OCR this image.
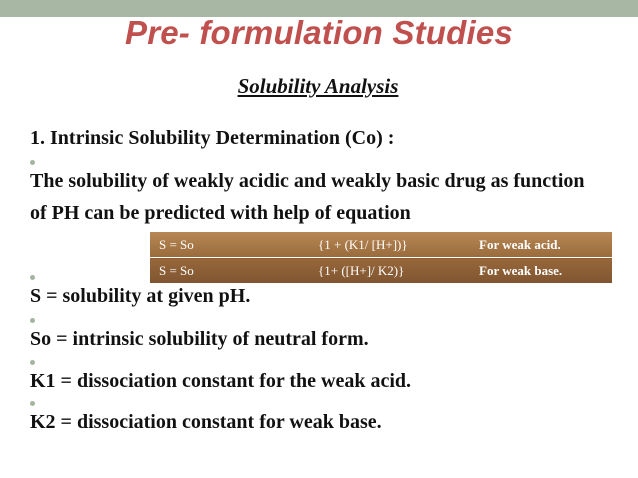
Pre- formulation Studies
Solubility Analysis
1. Intrinsic Solubility Determination (Co) :
The solubility of weakly acidic and weakly basic drug as function
of PH can be predicted with help of equation
S = So	{1 + (K1/ [H+])}	For weak acid.
S = So	{1+ ([H+]/ K2)}	For weak base.
S = solubility at given pH.
So = intrinsic solubility of neutral form.
K1 = dissociation constant for the weak acid.
K2 = dissociation constant for weak base.
